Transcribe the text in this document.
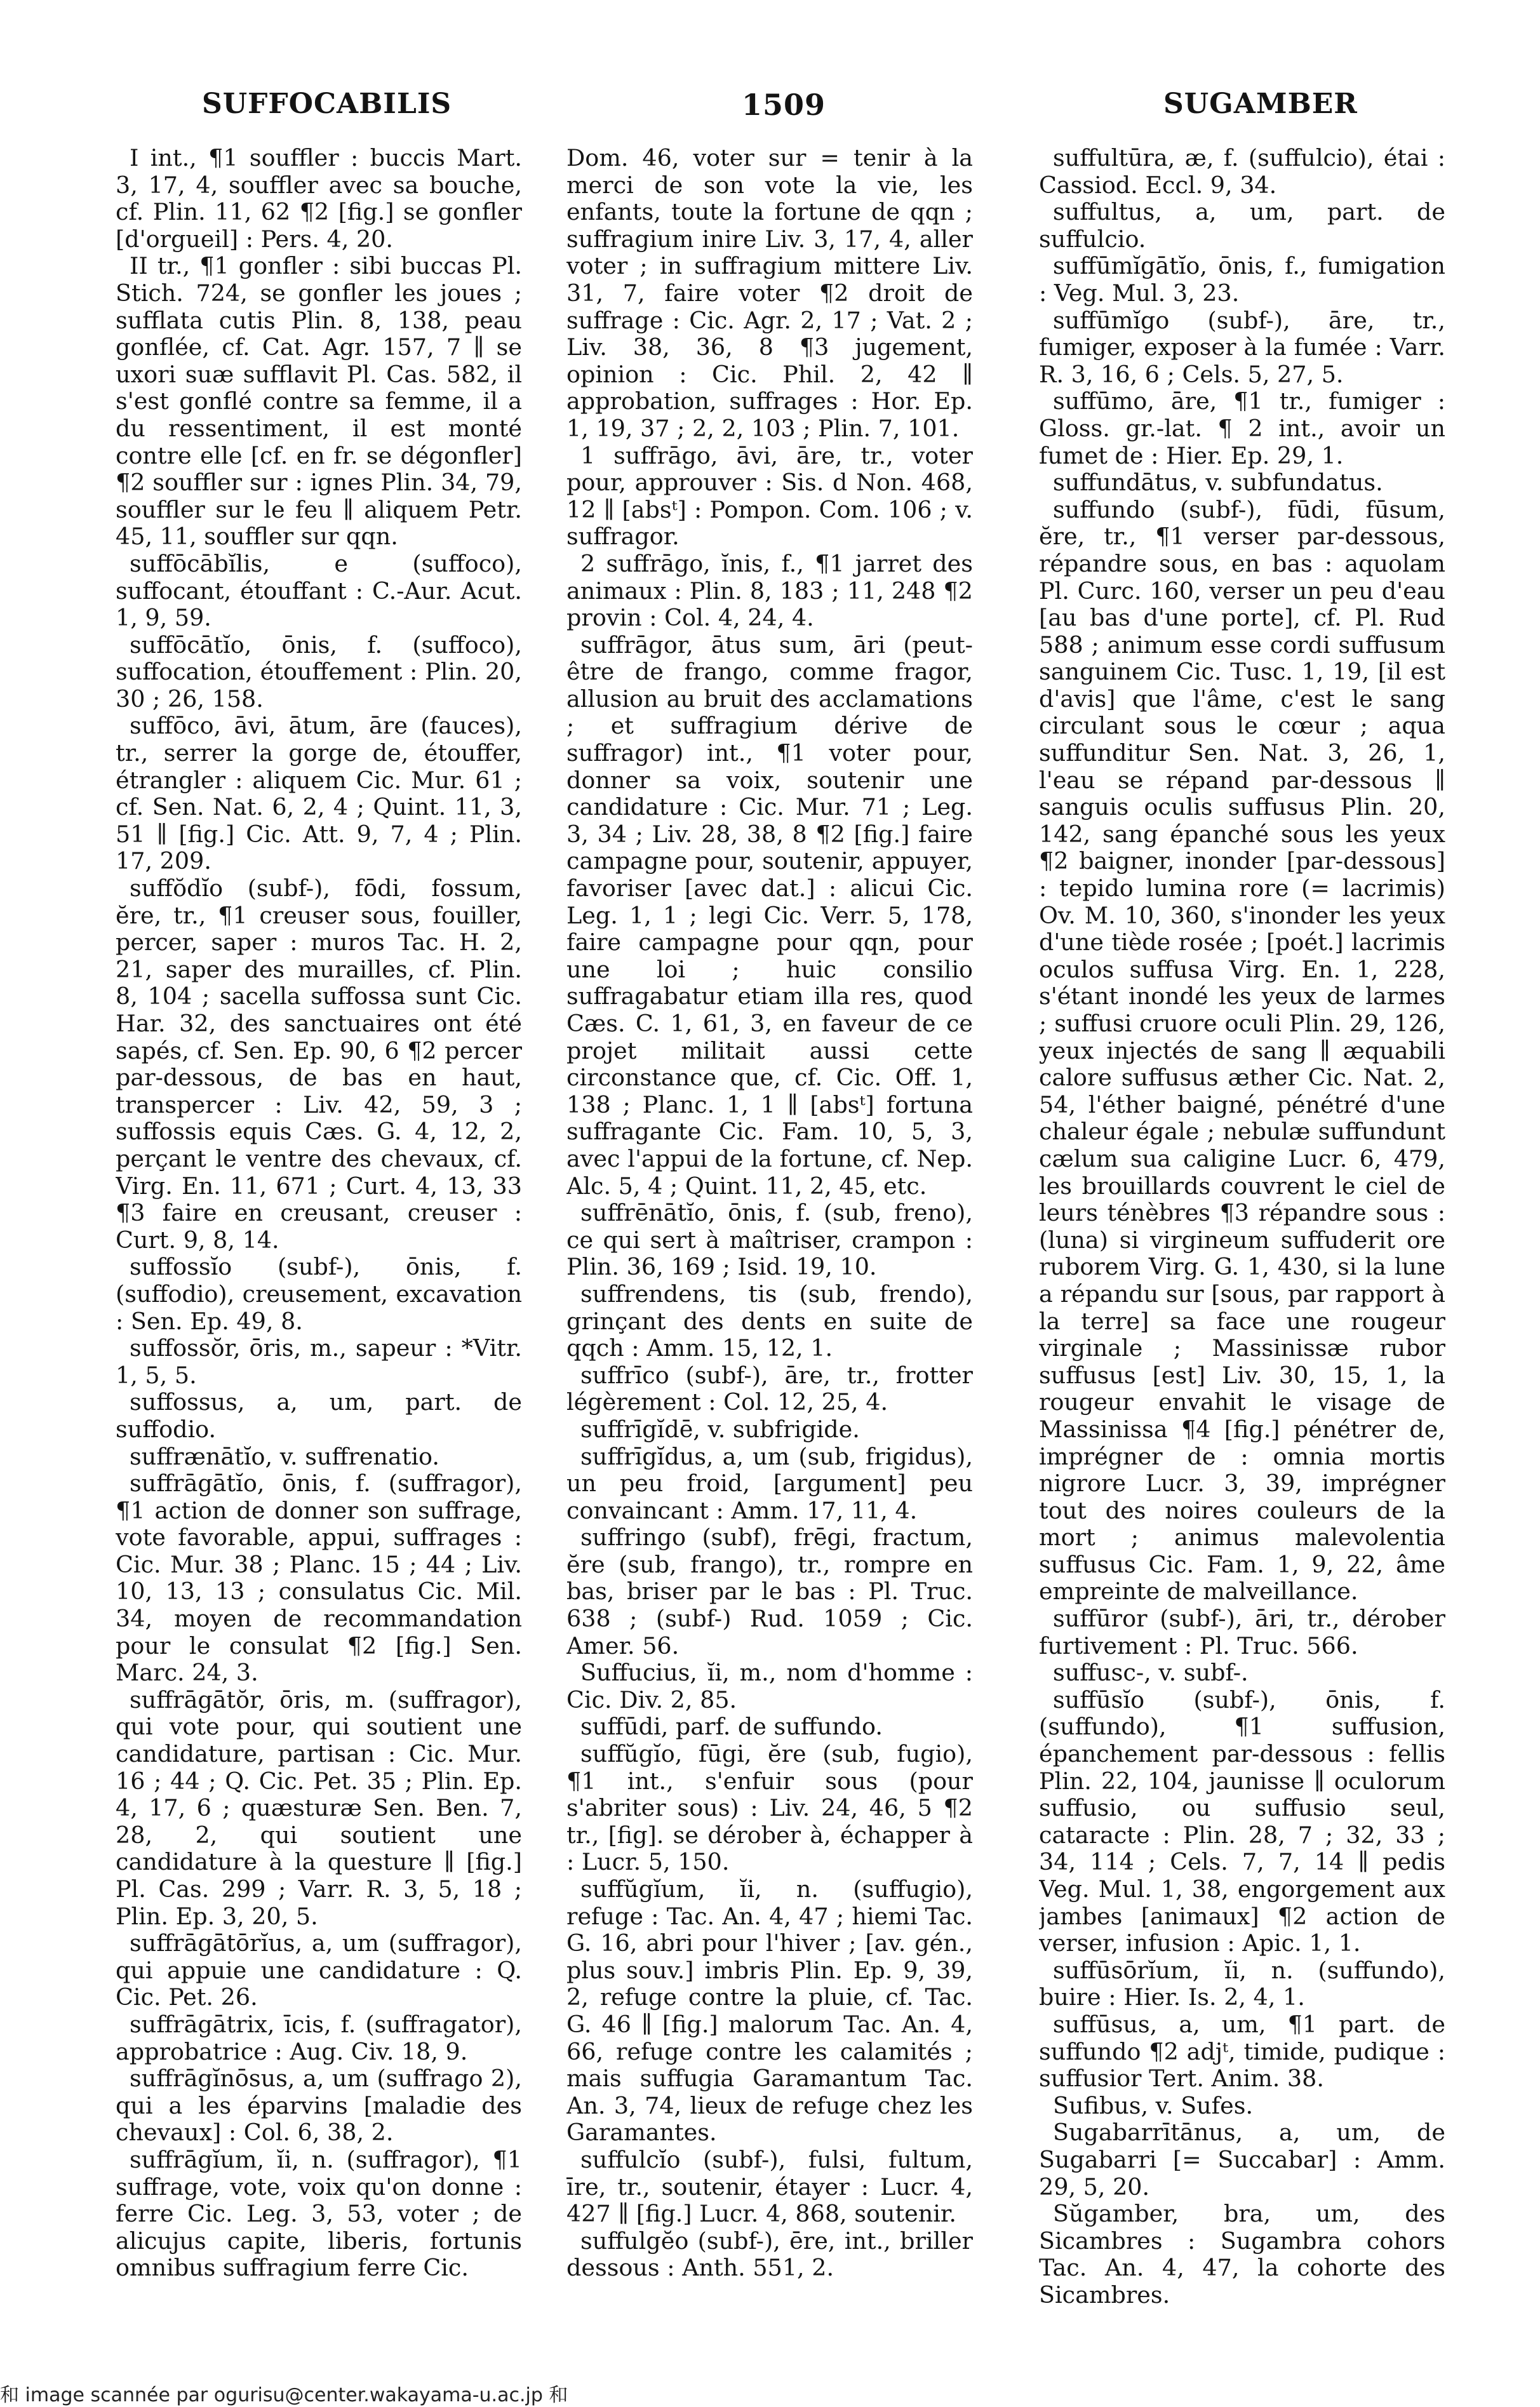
SUFFOCABILIS	1509	SUGAMBER

I int., ¶1 souffler : buccis Mart. 3, 17, 4, souffler avec sa bouche, cf. Plin. 11, 62 ¶2 [fig.] se gonfler [d'orgueil] : Pers. 4, 20.

II tr., ¶1 gonfler : sibi buccas Pl. Stich. 724, se gonfler les joues ; sufflata cutis Plin. 8, 138, peau gonflée, cf. Cat. Agr. 157, 7 ∥ se uxori suæ sufflavit Pl. Cas. 582, il s'est gonflé contre sa femme, il a du ressentiment, il est monté contre elle [cf. en fr. se dégonfler] ¶2 souffler sur : ignes Plin. 34, 79, souffler sur le feu ∥ aliquem Petr. 45, 11, souffler sur qqn.

suffōcābĭlis, e (suffoco), suffocant, étouffant : C.-Aur. Acut. 1, 9, 59.

suffōcātĭo, ōnis, f. (suffoco), suffocation, étouffement : Plin. 20, 30 ; 26, 158.

suffōco, āvi, ātum, āre (fauces), tr., serrer la gorge de, étouffer, étrangler : aliquem Cic. Mur. 61 ; cf. Sen. Nat. 6, 2, 4 ; Quint. 11, 3, 51 ∥ [fig.] Cic. Att. 9, 7, 4 ; Plin. 17, 209.

suffŏdĭo (subf-), fōdi, fossum, ĕre, tr., ¶1 creuser sous, fouiller, percer, saper : muros Tac. H. 2, 21, saper des murailles, cf. Plin. 8, 104 ; sacella suffossa sunt Cic. Har. 32, des sanctuaires ont été sapés, cf. Sen. Ep. 90, 6 ¶2 percer par-dessous, de bas en haut, transpercer : Liv. 42, 59, 3 ; suffossis equis Cæs. G. 4, 12, 2, perçant le ventre des chevaux, cf. Virg. En. 11, 671 ; Curt. 4, 13, 33 ¶3 faire en creusant, creuser : Curt. 9, 8, 14.

suffossĭo (subf-), ōnis, f. (suffodio), creusement, excavation : Sen. Ep. 49, 8.

suffossŏr, ōris, m., sapeur : *Vitr. 1, 5, 5.

suffossus, a, um, part. de suffodio.

suffrænātĭo, v. suffrenatio.

suffrāgātĭo, ōnis, f. (suffragor), ¶1 action de donner son suffrage, vote favorable, appui, suffrages : Cic. Mur. 38 ; Planc. 15 ; 44 ; Liv. 10, 13, 13 ; consulatus Cic. Mil. 34, moyen de recommandation pour le consulat ¶2 [fig.] Sen. Marc. 24, 3.

suffrāgātŏr, ōris, m. (suffragor), qui vote pour, qui soutient une candidature, partisan : Cic. Mur. 16 ; 44 ; Q. Cic. Pet. 35 ; Plin. Ep. 4, 17, 6 ; quæsturæ Sen. Ben. 7, 28, 2, qui soutient une candidature à la questure ∥ [fig.] Pl. Cas. 299 ; Varr. R. 3, 5, 18 ; Plin. Ep. 3, 20, 5.

suffrāgātōrĭus, a, um (suffragor), qui appuie une candidature : Q. Cic. Pet. 26.

suffrāgātrix, īcis, f. (suffragator), approbatrice : Aug. Civ. 18, 9.

suffrāgĭnōsus, a, um (suffrago 2), qui a les éparvins [maladie des chevaux] : Col. 6, 38, 2.

suffrāgĭum, ĭi, n. (suffragor), ¶1 suffrage, vote, voix qu'on donne : ferre Cic. Leg. 3, 53, voter ; de alicujus capite, liberis, fortunis omnibus suffragium ferre Cic.

Dom. 46, voter sur = tenir à la merci de son vote la vie, les enfants, toute la fortune de qqn ; suffragium inire Liv. 3, 17, 4, aller voter ; in suffragium mittere Liv. 31, 7, faire voter ¶2 droit de suffrage : Cic. Agr. 2, 17 ; Vat. 2 ; Liv. 38, 36, 8 ¶3 jugement, opinion : Cic. Phil. 2, 42 ∥ approbation, suffrages : Hor. Ep. 1, 19, 37 ; 2, 2, 103 ; Plin. 7, 101.

1 suffrāgo, āvi, āre, tr., voter pour, approuver : Sis. d Non. 468, 12 ∥ [absᵗ] : Pompon. Com. 106 ; v. suffragor.

2 suffrāgo, ĭnis, f., ¶1 jarret des animaux : Plin. 8, 183 ; 11, 248 ¶2 provin : Col. 4, 24, 4.

suffrāgor, ātus sum, āri (peut-être de frango, comme fragor, allusion au bruit des acclamations ; et suffragium dérive de suffragor) int., ¶1 voter pour, donner sa voix, soutenir une candidature : Cic. Mur. 71 ; Leg. 3, 34 ; Liv. 28, 38, 8 ¶2 [fig.] faire campagne pour, soutenir, appuyer, favoriser [avec dat.] : alicui Cic. Leg. 1, 1 ; legi Cic. Verr. 5, 178, faire campagne pour qqn, pour une loi ; huic consilio suffragabatur etiam illa res, quod Cæs. C. 1, 61, 3, en faveur de ce projet militait aussi cette circonstance que, cf. Cic. Off. 1, 138 ; Planc. 1, 1 ∥ [absᵗ] fortuna suffragante Cic. Fam. 10, 5, 3, avec l'appui de la fortune, cf. Nep. Alc. 5, 4 ; Quint. 11, 2, 45, etc.

suffrēnātĭo, ōnis, f. (sub, freno), ce qui sert à maîtriser, crampon : Plin. 36, 169 ; Isid. 19, 10.

suffrendens, tis (sub, frendo), grinçant des dents en suite de qqch : Amm. 15, 12, 1.

suffrīco (subf-), āre, tr., frotter légèrement : Col. 12, 25, 4.

suffrīgĭdē, v. subfrigide.

suffrīgĭdus, a, um (sub, frigidus), un peu froid, [argument] peu convaincant : Amm. 17, 11, 4.

suffringo (subf), frēgi, fractum, ĕre (sub, frango), tr., rompre en bas, briser par le bas : Pl. Truc. 638 ; (subf-) Rud. 1059 ; Cic. Amer. 56.

Suffucius, ĭi, m., nom d'homme : Cic. Div. 2, 85.

suffūdi, parf. de suffundo.

suffŭgĭo, fūgi, ĕre (sub, fugio), ¶1 int., s'enfuir sous (pour s'abriter sous) : Liv. 24, 46, 5 ¶2 tr., [fig]. se dérober à, échapper à : Lucr. 5, 150.

suffŭgĭum, ĭi, n. (suffugio), refuge : Tac. An. 4, 47 ; hiemi Tac. G. 16, abri pour l'hiver ; [av. gén., plus souv.] imbris Plin. Ep. 9, 39, 2, refuge contre la pluie, cf. Tac. G. 46 ∥ [fig.] malorum Tac. An. 4, 66, refuge contre les calamités ; mais suffugia Garamantum Tac. An. 3, 74, lieux de refuge chez les Garamantes.

suffulcĭo (subf-), fulsi, fultum, īre, tr., soutenir, étayer : Lucr. 4, 427 ∥ [fig.] Lucr. 4, 868, soutenir.

suffulgĕo (subf-), ēre, int., briller dessous : Anth. 551, 2.

suffultūra, æ, f. (suffulcio), étai : Cassiod. Eccl. 9, 34.

suffultus, a, um, part. de suffulcio.

suffūmĭgātĭo, ōnis, f., fumigation : Veg. Mul. 3, 23.

suffūmĭgo (subf-), āre, tr., fumiger, exposer à la fumée : Varr. R. 3, 16, 6 ; Cels. 5, 27, 5.

suffūmo, āre, ¶1 tr., fumiger : Gloss. gr.-lat. ¶ 2 int., avoir un fumet de : Hier. Ep. 29, 1.

suffundātus, v. subfundatus.

suffundo (subf-), fūdi, fūsum, ĕre, tr., ¶1 verser par-dessous, répandre sous, en bas : aquolam Pl. Curc. 160, verser un peu d'eau [au bas d'une porte], cf. Pl. Rud 588 ; animum esse cordi suffusum sanguinem Cic. Tusc. 1, 19, [il est d'avis] que l'âme, c'est le sang circulant sous le cœur ; aqua suffunditur Sen. Nat. 3, 26, 1, l'eau se répand par-dessous ∥ sanguis oculis suffusus Plin. 20, 142, sang épanché sous les yeux ¶2 baigner, inonder [par-dessous] : tepido lumina rore (= lacrimis) Ov. M. 10, 360, s'inonder les yeux d'une tiède rosée ; [poét.] lacrimis oculos suffusa Virg. En. 1, 228, s'étant inondé les yeux de larmes ; suffusi cruore oculi Plin. 29, 126, yeux injectés de sang ∥ æquabili calore suffusus æther Cic. Nat. 2, 54, l'éther baigné, pénétré d'une chaleur égale ; nebulæ suffundunt cælum sua caligine Lucr. 6, 479, les brouillards couvrent le ciel de leurs ténèbres ¶3 répandre sous : (luna) si virgineum suffuderit ore ruborem Virg. G. 1, 430, si la lune a répandu sur [sous, par rapport à la terre] sa face une rougeur virginale ; Massinissæ rubor suffusus [est] Liv. 30, 15, 1, la rougeur envahit le visage de Massinissa ¶4 [fig.] pénétrer de, imprégner de : omnia mortis nigrore Lucr. 3, 39, imprégner tout des noires couleurs de la mort ; animus malevolentia suffusus Cic. Fam. 1, 9, 22, âme empreinte de malveillance.

suffūror (subf-), āri, tr., dérober furtivement : Pl. Truc. 566.

suffusc-, v. subf-.

suffūsĭo (subf-), ōnis, f. (suffundo), ¶1 suffusion, épanchement par-dessous : fellis Plin. 22, 104, jaunisse ∥ oculorum suffusio, ou suffusio seul, cataracte : Plin. 28, 7 ; 32, 33 ; 34, 114 ; Cels. 7, 7, 14 ∥ pedis Veg. Mul. 1, 38, engorgement aux jambes [animaux] ¶2 action de verser, infusion : Apic. 1, 1.

suffūsōrĭum, ĭi, n. (suffundo), buire : Hier. Is. 2, 4, 1.

suffūsus, a, um, ¶1 part. de suffundo ¶2 adjᵗ, timide, pudique : suffusior Tert. Anim. 38.

Sufibus, v. Sufes.

Sugabarrītānus, a, um, de Sugabarri [= Succabar] : Amm. 29, 5, 20.

Sŭgamber, bra, um, des Sicambres : Sugambra cohors Tac. An. 4, 47, la cohorte des Sicambres.

和 image scannée par ogurisu@center.wakayama-u.ac.jp 和
